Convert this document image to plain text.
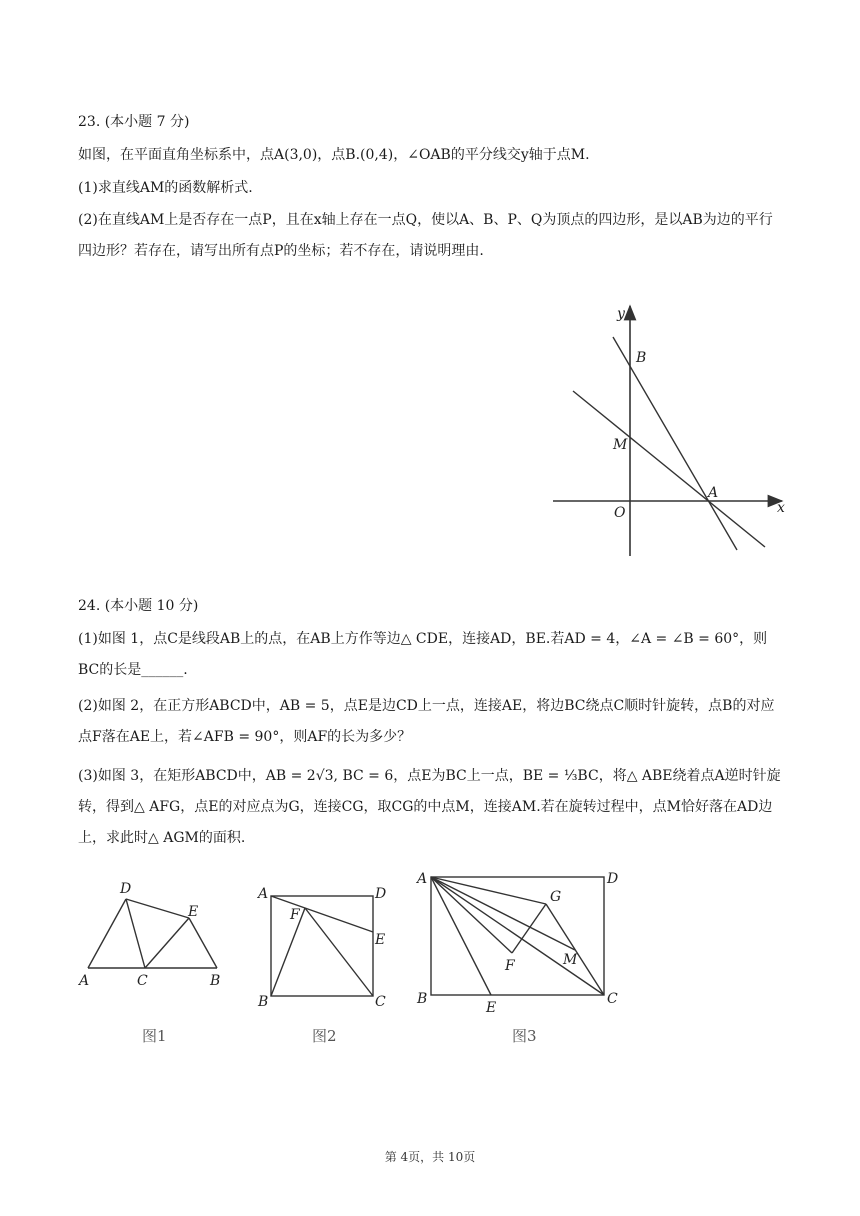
23. (本小题 7 分)
如图，在平面直角坐标系中，点A(3,0)，点B.(0,4)，∠OAB的平分线交y轴于点M.
(1)求直线AM的函数解析式.
(2)在直线AM上是否存在一点P，且在x轴上存在一点Q，使以A、B、P、Q为顶点的四边形，是以AB为边的平行四边形？若存在，请写出所有点P的坐标；若不存在，请说明理由.
y
x
B
M
A
O
24. (本小题 10 分)
(1)如图 1，点C是线段AB上的点，在AB上方作等边△ CDE，连接AD，BE.若AD = 4，∠A = ∠B = 60°，则BC的长是______.
(2)如图 2，在正方形ABCD中，AB = 5，点E是边CD上一点，连接AE，将边BC绕点C顺时针旋转，点B的对应点F落在AE上，若∠AFB = 90°，则AF的长为多少？
(3)如图 3，在矩形ABCD中，AB = 2√3, BC = 6，点E为BC上一点，BE = ⅓BC，将△ ABE绕着点A逆时针旋转，得到△ AFG，点E的对应点为G，连接CG，取CG的中点M，连接AM.若在旋转过程中，点M恰好落在AD边上，求此时△ AGM的面积.
D
E
A	C	B
A	D
F
E
B	C
A	D
G
F	M
B
E
C
图1	图2	图3
第 4页，共 10页
